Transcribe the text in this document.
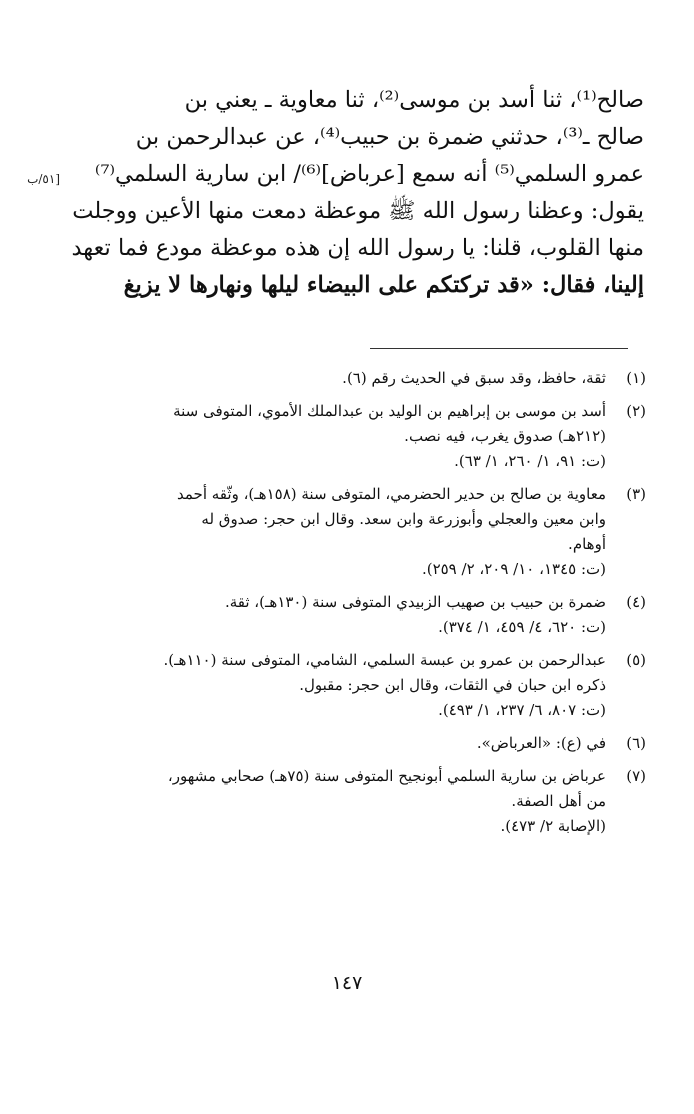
صالح⁽¹⁾، ثنا أسد بن موسى⁽²⁾، ثنا معاوية ـ يعني بن
صالح ـ⁽³⁾، حدثني ضمرة بن حبيب⁽⁴⁾، عن عبدالرحمن بن
عمرو السلمي⁽⁵⁾ أنه سمع [عرباض]⁽⁶⁾/ ابن سارية السلمي⁽⁷⁾
يقول: وعظنا رسول الله ﷺ موعظة دمعت منها الأعين ووجلت
منها القلوب، قلنا: يا رسول الله إن هذه موعظة مودع فما تعهد
إلينا، فقال: «قد تركتكم على البيضاء ليلها ونهارها لا يزيغ
[٥١/ب
(١)
ثقة، حافظ، وقد سبق في الحديث رقم (٦).
(٢)
أسد بن موسى بن إبراهيم بن الوليد بن عبدالملك الأموي، المتوفى سنة
(٢١٢هـ) صدوق يغرب، فيه نصب.
(ت: ٩١، ١/ ٢٦٠، ١/ ٦٣).
(٣)
معاوية بن صالح بن حدير الحضرمي، المتوفى سنة (١٥٨هـ)، وثّقه أحمد
وابن معين والعجلي وأبوزرعة وابن سعد. وقال ابن حجر: صدوق له
أوهام.
(ت: ١٣٤٥، ١٠/ ٢٠٩، ٢/ ٢٥٩).
(٤)
ضمرة بن حبيب بن صهيب الزبيدي المتوفى سنة (١٣٠هـ)، ثقة.
(ت: ٦٢٠، ٤/ ٤٥٩، ١/ ٣٧٤).
(٥)
عبدالرحمن بن عمرو بن عبسة السلمي، الشامي، المتوفى سنة (١١٠هـ).
ذكره ابن حبان في الثقات، وقال ابن حجر: مقبول.
(ت: ٨٠٧، ٦/ ٢٣٧، ١/ ٤٩٣).
(٦)
في (ع): «العرباض».
(٧)
عرباض بن سارية السلمي أبونجيح المتوفى سنة (٧٥هـ) صحابي مشهور،
من أهل الصفة.
(الإصابة ٢/ ٤٧٣).
١٤٧
